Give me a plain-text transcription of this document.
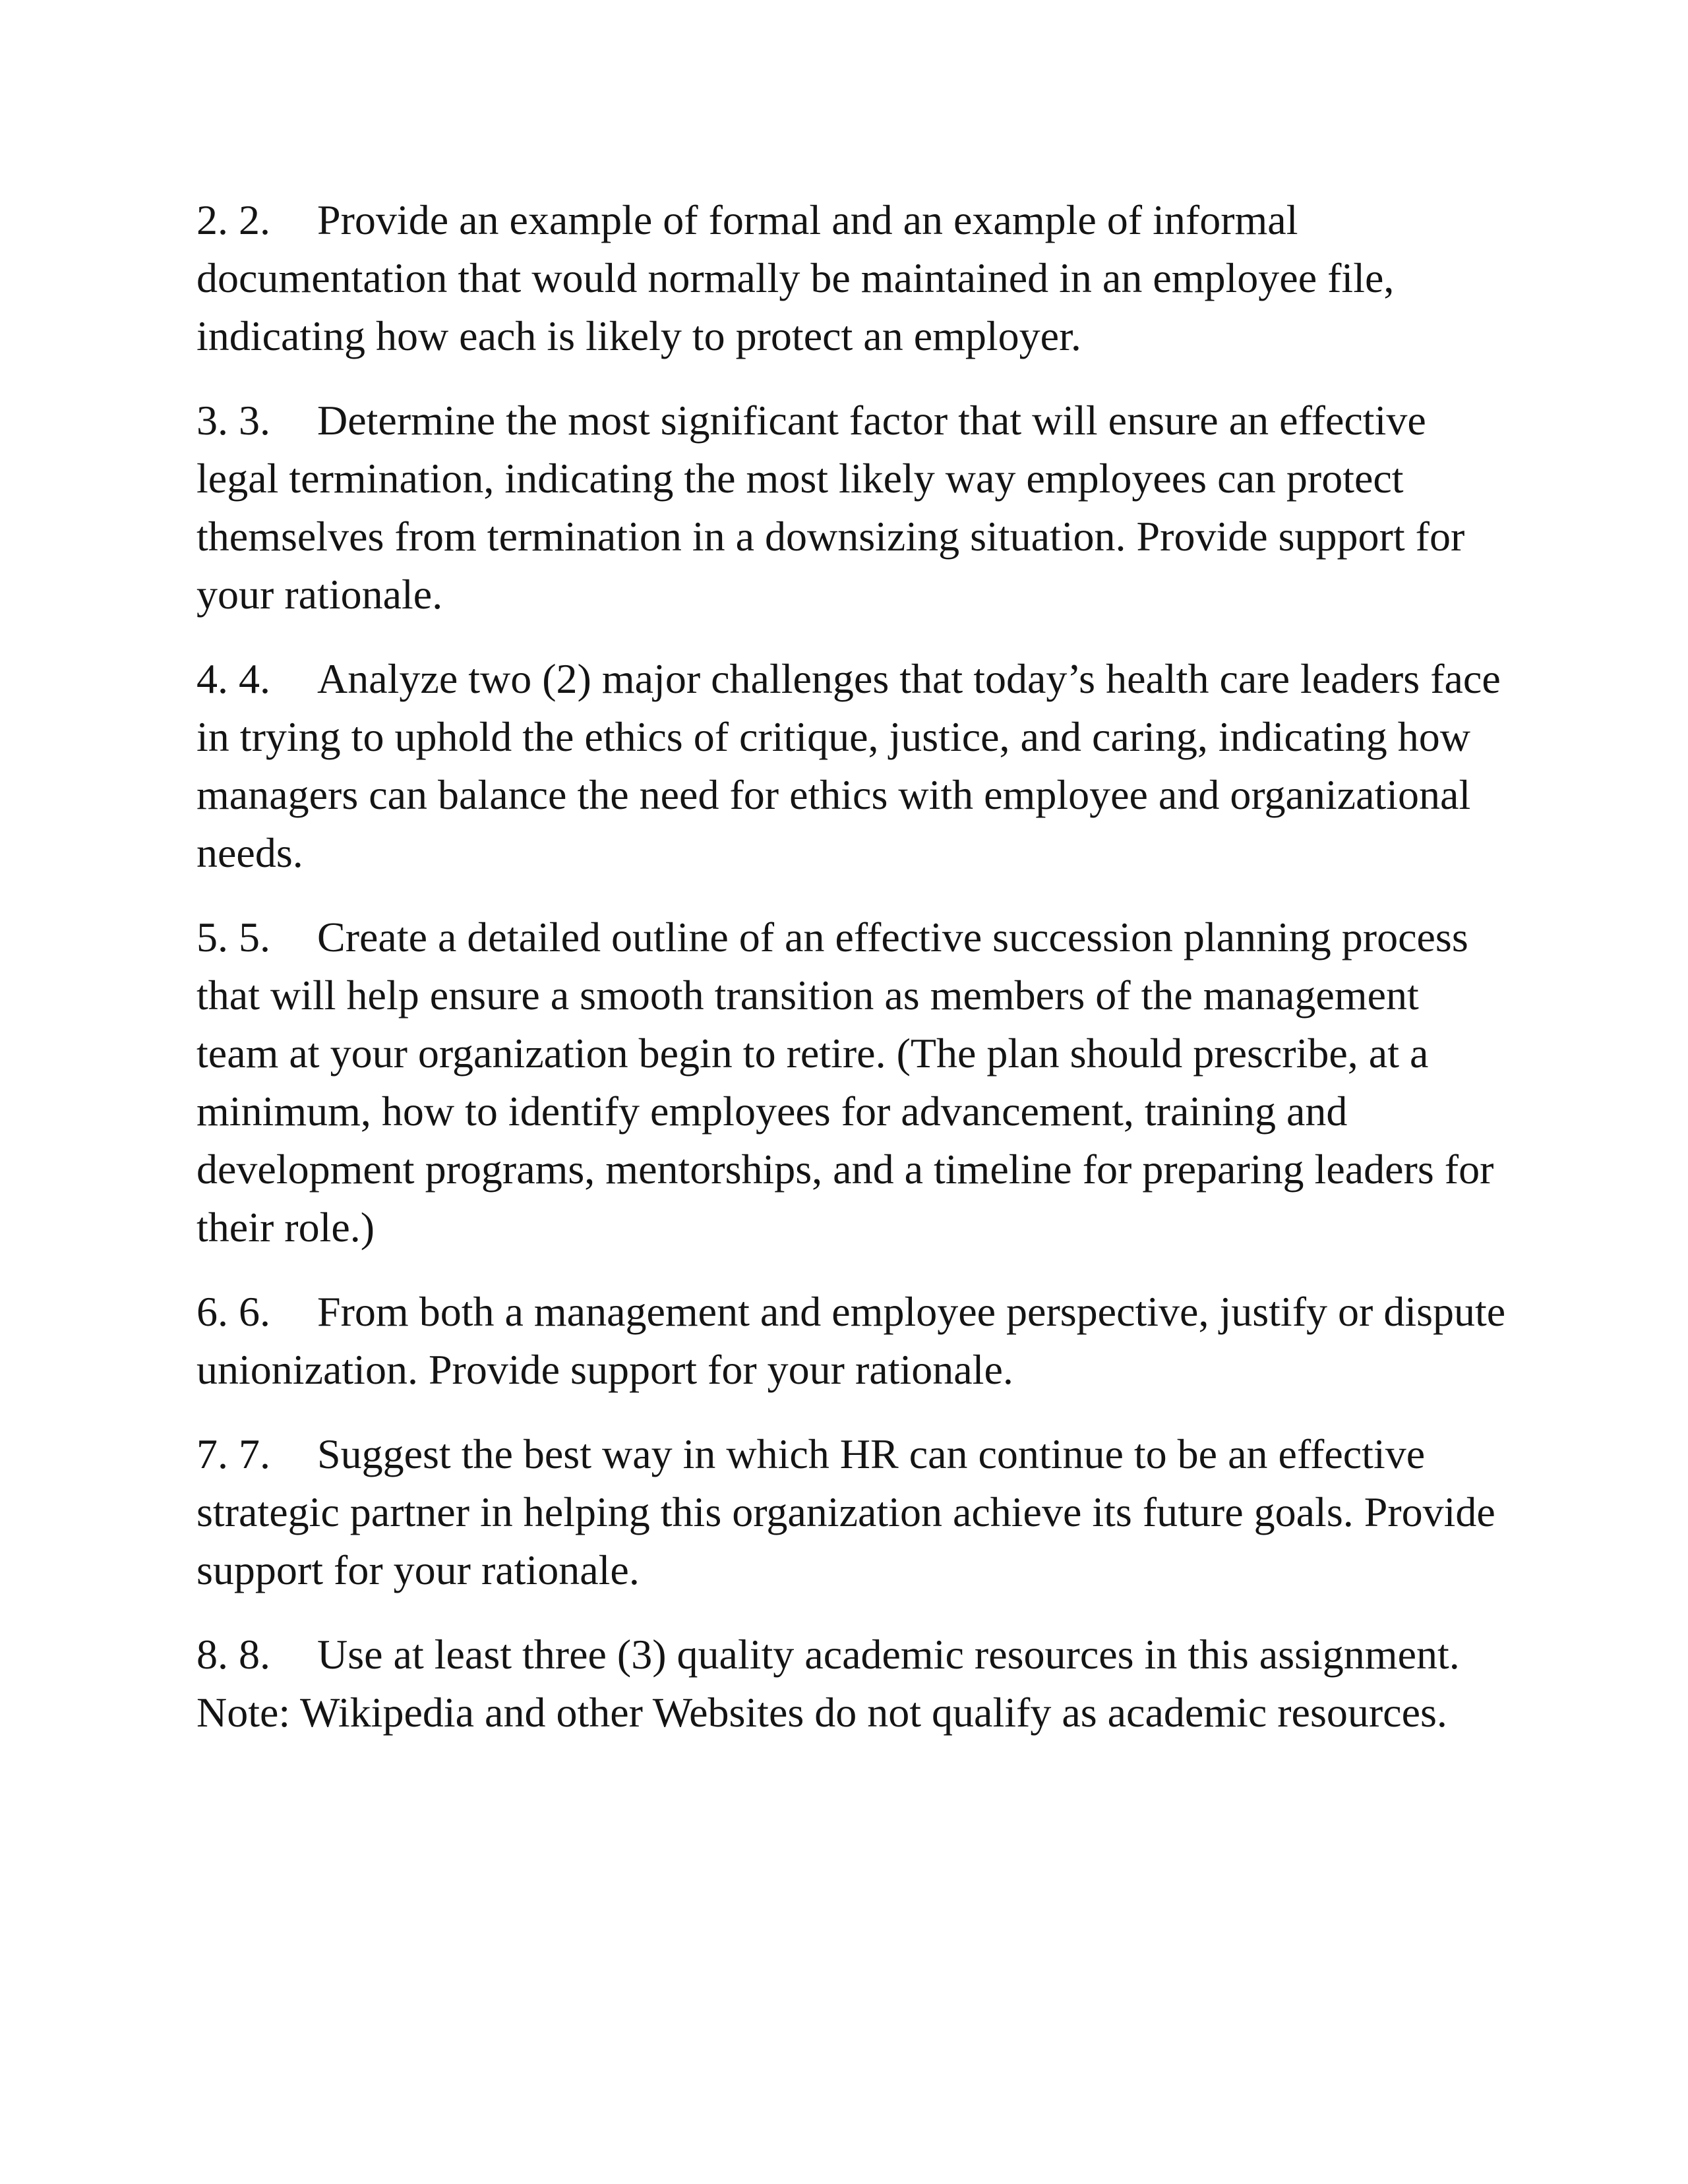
2. 2. Provide an example of formal and an example of informal documentation that would normally be maintained in an employee file, indicating how each is likely to protect an employer.

3. 3. Determine the most significant factor that will ensure an effective legal termination, indicating the most likely way employees can protect themselves from termination in a downsizing situation. Provide support for your rationale.

4. 4. Analyze two (2) major challenges that today’s health care leaders face in trying to uphold the ethics of critique, justice, and caring, indicating how managers can balance the need for ethics with employee and organizational needs.

5. 5. Create a detailed outline of an effective succession planning process that will help ensure a smooth transition as members of the management team at your organization begin to retire. (The plan should prescribe, at a minimum, how to identify employees for advancement, training and development programs, mentorships, and a timeline for preparing leaders for their role.)

6. 6. From both a management and employee perspective, justify or dispute unionization. Provide support for your rationale.

7. 7. Suggest the best way in which HR can continue to be an effective strategic partner in helping this organization achieve its future goals. Provide support for your rationale.

8. 8. Use at least three (3) quality academic resources in this assignment. Note: Wikipedia and other Websites do not qualify as academic resources.
